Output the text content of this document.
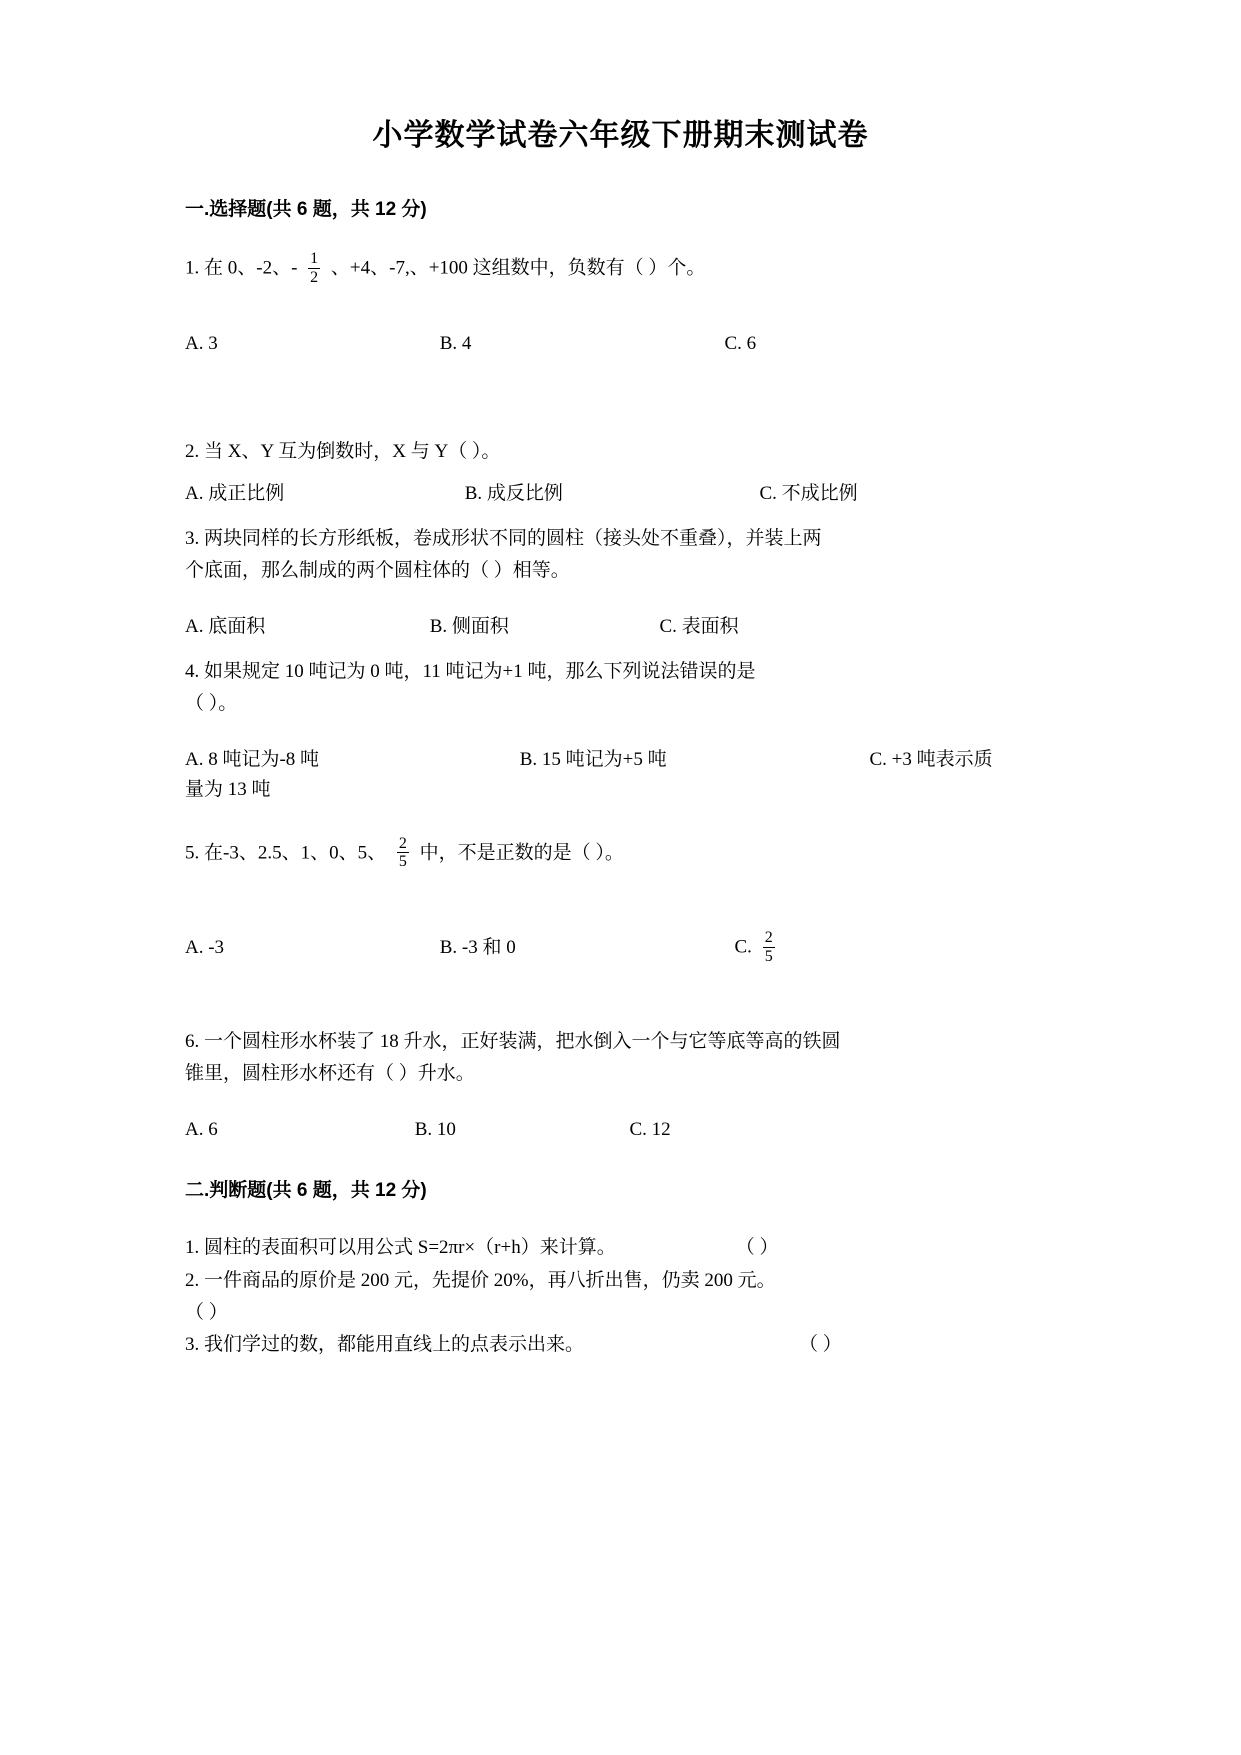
小学数学试卷六年级下册期末测试卷
一.选择题(共 6 题，共 12 分)
1. 在 0、-2、- $\frac{1}{2}$ 、+4、-7,、+100 这组数中，负数有（ ）个。
A. 3	B. 4	C. 6
2. 当 X、Y 互为倒数时，X 与 Y（ ）。
A. 成正比例	B. 成反比例	C. 不成比例
3. 两块同样的长方形纸板，卷成形状不同的圆柱（接头处不重叠），并装上两
个底面，那么制成的两个圆柱体的（ ）相等。
A. 底面积	B. 侧面积	C. 表面积
4. 如果规定 10 吨记为 0 吨，11 吨记为+1 吨，那么下列说法错误的是
（ ）。
A. 8 吨记为-8 吨	B. 15 吨记为+5 吨	C. +3 吨表示质
量为 13 吨
5. 在-3、2.5、1、0、5、 $\frac{2}{5}$ 中，不是正数的是（ ）。
A. -3	B. -3 和 0	C. $\frac{2}{5}$
6. 一个圆柱形水杯装了 18 升水，正好装满，把水倒入一个与它等底等高的铁圆
锥里，圆柱形水杯还有（ ）升水。
A. 6	B. 10	C. 12
二.判断题(共 6 题，共 12 分)
1. 圆柱的表面积可以用公式 S=2πr×（r+h）来计算。	（ ）
2. 一件商品的原价是 200 元，先提价 20%，再八折出售，仍卖 200 元。
（ ）
3. 我们学过的数，都能用直线上的点表示出来。	（ ）
